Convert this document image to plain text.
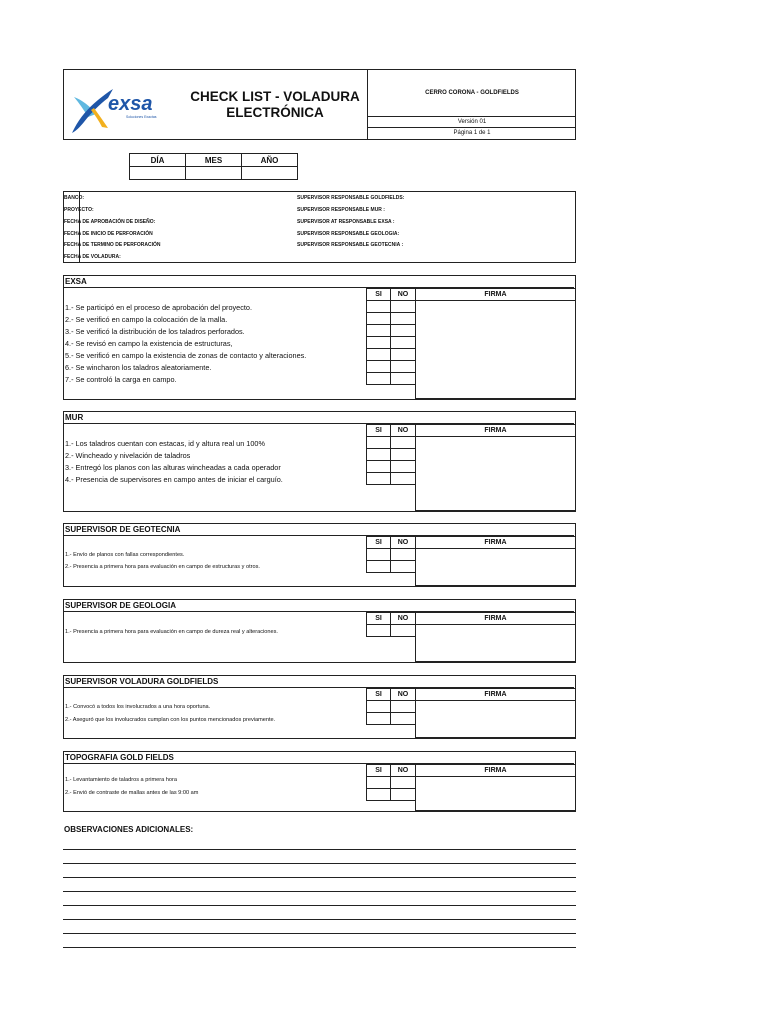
exsa
Soluciones Exactas
CHECK LIST - VOLADURA
ELECTRÓNICA
CERRO CORONA - GOLDFIELDS
Versión 01
Página 1 de 1
DÍA	MES	AÑO

BANCO:
PROYECTO:
FECHA DE APROBACIÓN DE DISEÑO:
FECHA DE INICIO DE PERFORACIÓN
FECHA DE TERMINO DE PERFORACIÓN
FECHA DE VOLADURA:
SUPERVISOR RESPONSABLE GOLDFIELDS:
SUPERVISOR RESPONSABLE MUR :
SUPERVISOR AT RESPONSABLE EXSA :
SUPERVISOR RESPONSABLE GEOLOGIA:
SUPERVISOR RESPONSABLE GEOTECNIA :
EXSA
SI	NO	FIRMA
1.- Se participó en el proceso de aprobación del proyecto.
2.- Se verificó en campo la colocación de la malla.
3.- Se verificó la distribución de los taladros perforados.
4.- Se revisó en campo la existencia de estructuras,
5.- Se verificó en campo la existencia de zonas de contacto y alteraciones.
6.- Se wincharon los taladros aleatoriamente.
7.- Se controló la carga en campo.
MUR
SI	NO	FIRMA
1.- Los taladros cuentan con estacas, id y altura real un 100%
2.- Wincheado y nivelación de taladros
3.- Entregó los planos con las alturas wincheadas a cada operador
4.- Presencia de supervisores en campo antes de iniciar el carguío.
SUPERVISOR DE GEOTECNIA
SI	NO	FIRMA
1.- Envío de planos con fallas correspondientes.
2.- Presencia a primera hora para evaluación en campo de estructuras y otros.
SUPERVISOR DE GEOLOGIA
SI	NO	FIRMA
1.- Presencia a primera hora para evaluación en campo de dureza real y alteraciones.
SUPERVISOR VOLADURA GOLDFIELDS
SI	NO	FIRMA
1.- Convocó a todos los involucrados a una hora oportuna.
2.- Aseguró que los involucrados cumplan con los puntos mencionados previamente.
TOPOGRAFIA GOLD FIELDS
SI	NO	FIRMA
1.- Levantamiento de taladros a primera hora
2.- Envió de contraste de mallas antes de las 9:00 am
OBSERVACIONES ADICIONALES:
